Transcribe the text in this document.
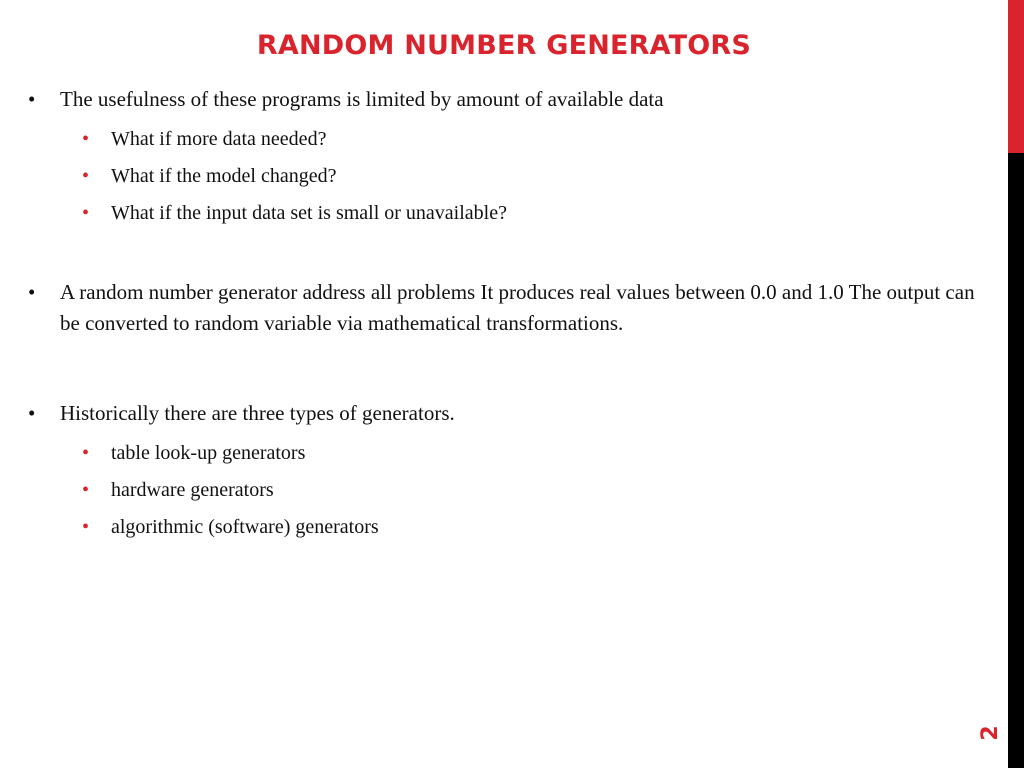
RANDOM NUMBER GENERATORS
•	The usefulness of these programs is limited by amount of available data
• What if more data needed?
• What if the model changed?
• What if the input data set is small or unavailable?
•	A random number generator address all problems It produces real values between 0.0 and 1.0 The output can be converted to random variable via mathematical transformations.
•	Historically there are three types of generators.
• table look-up generators
• hardware generators
• algorithmic (software) generators
2
